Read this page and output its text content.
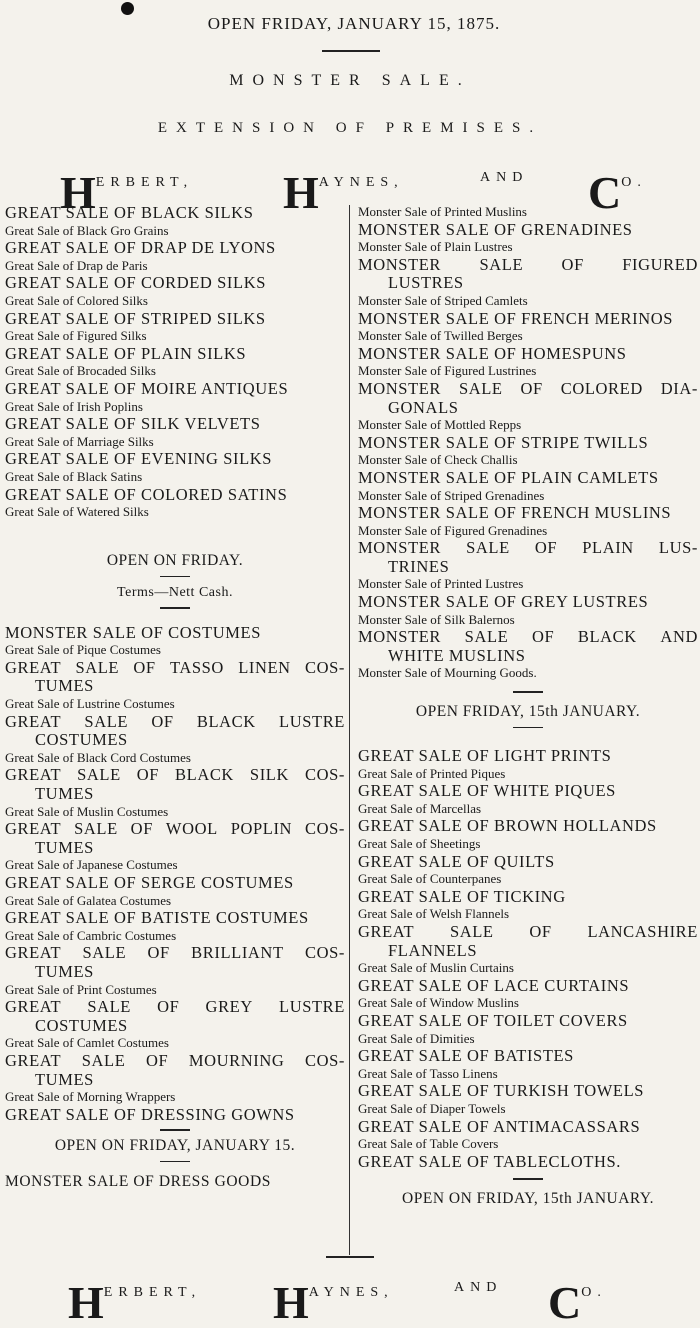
OPEN FRIDAY, JANUARY 15, 1875.
MONSTER SALE.
EXTENSION OF PREMISES.
HERBERT, HAYNES,	AND CO.
GREAT SALE OF BLACK SILKS
Great Sale of Black Gro Grains
GREAT SALE OF DRAP DE LYONS
Great Sale of Drap de Paris
GREAT SALE OF CORDED SILKS
Great Sale of Colored Silks
GREAT SALE OF STRIPED SILKS
Great Sale of Figured Silks
GREAT SALE OF PLAIN SILKS
Great Sale of Brocaded Silks
GREAT SALE OF MOIRE ANTIQUES
Great Sale of Irish Poplins
GREAT SALE OF SILK VELVETS
Great Sale of Marriage Silks
GREAT SALE OF EVENING SILKS
Great Sale of Black Satins
GREAT SALE OF COLORED SATINS
Great Sale of Watered Silks
OPEN ON FRIDAY.
Terms—Nett Cash.
MONSTER SALE OF COSTUMES
Great Sale of Pique Costumes
GREAT SALE OF TASSO LINEN COS-
TUMES
Great Sale of Lustrine Costumes
GREAT SALE OF BLACK LUSTRE
COSTUMES
Great Sale of Black Cord Costumes
GREAT SALE OF BLACK SILK COS-
TUMES
Great Sale of Muslin Costumes
GREAT SALE OF WOOL POPLIN COS-
TUMES
Great Sale of Japanese Costumes
GREAT SALE OF SERGE COSTUMES
Great Sale of Galatea Costumes
GREAT SALE OF BATISTE COSTUMES
Great Sale of Cambric Costumes
GREAT SALE OF BRILLIANT COS-
TUMES
Great Sale of Print Costumes
GREAT SALE OF GREY LUSTRE
COSTUMES
Great Sale of Camlet Costumes
GREAT SALE OF MOURNING COS-
TUMES
Great Sale of Morning Wrappers
GREAT SALE OF DRESSING GOWNS
OPEN ON FRIDAY, JANUARY 15.
MONSTER SALE OF DRESS GOODS
Monster Sale of Printed Muslins
MONSTER SALE OF GRENADINES
Monster Sale of Plain Lustres
MONSTER SALE OF FIGURED
LUSTRES
Monster Sale of Striped Camlets
MONSTER SALE OF FRENCH MERINOS
Monster Sale of Twilled Berges
MONSTER SALE OF HOMESPUNS
Monster Sale of Figured Lustrines
MONSTER SALE OF COLORED DIA-
GONALS
Monster Sale of Mottled Repps
MONSTER SALE OF STRIPE TWILLS
Monster Sale of Check Challis
MONSTER SALE OF PLAIN CAMLETS
Monster Sale of Striped Grenadines
MONSTER SALE OF FRENCH MUSLINS
Monster Sale of Figured Grenadines
MONSTER SALE OF PLAIN LUS-
TRINES
Monster Sale of Printed Lustres
MONSTER SALE OF GREY LUSTRES
Monster Sale of Silk Balernos
MONSTER SALE OF BLACK AND
WHITE MUSLINS
Monster Sale of Mourning Goods.
OPEN FRIDAY, 15th JANUARY.
GREAT SALE OF LIGHT PRINTS
Great Sale of Printed Piques
GREAT SALE OF WHITE PIQUES
Great Sale of Marcellas
GREAT SALE OF BROWN HOLLANDS
Great Sale of Sheetings
GREAT SALE OF QUILTS
Great Sale of Counterpanes
GREAT SALE OF TICKING
Great Sale of Welsh Flannels
GREAT SALE OF LANCASHIRE
FLANNELS
Great Sale of Muslin Curtains
GREAT SALE OF LACE CURTAINS
Great Sale of Window Muslins
GREAT SALE OF TOILET COVERS
Great Sale of Dimities
GREAT SALE OF BATISTES
Great Sale of Tasso Linens
GREAT SALE OF TURKISH TOWELS
Great Sale of Diaper Towels
GREAT SALE OF ANTIMACASSARS
Great Sale of Table Covers
GREAT SALE OF TABLECLOTHS.
OPEN ON FRIDAY, 15th JANUARY.
HERBERT, HAYNES,	AND CO.
